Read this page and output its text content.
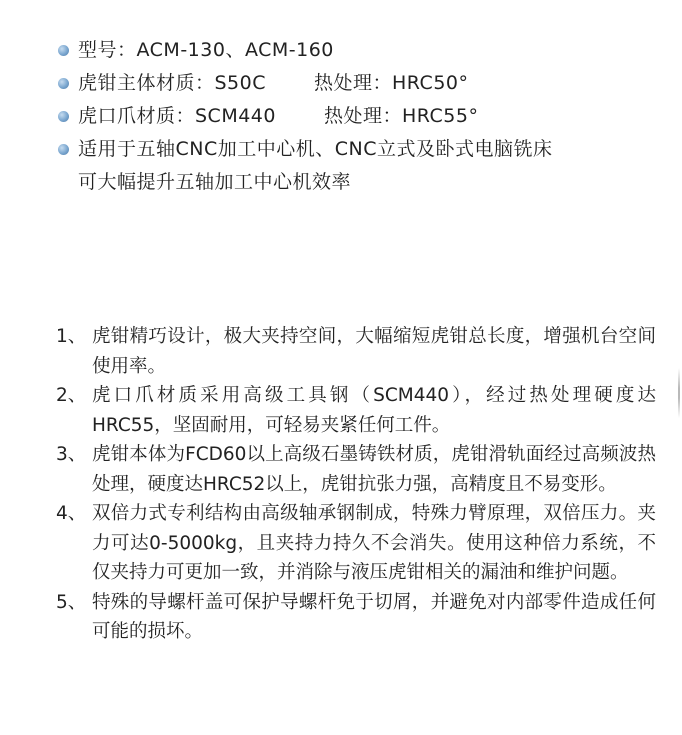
型号：ACM-130、ACM-160
虎钳主体材质：S50C	热处理：HRC50°
虎口爪材质：SCM440	热处理：HRC55°
适用于五轴CNC加工中心机、CNC立式及卧式电脑铣床
可大幅提升五轴加工中心机效率
1、 虎钳精巧设计，极大夹持空间，大幅缩短虎钳总长度，增强机台空间使用率。
2、 虎口爪材质采用高级工具钢（SCM440），经过热处理硬度达HRC55，坚固耐用，可轻易夹紧任何工件。
3、 虎钳本体为FCD60以上高级石墨铸铁材质，虎钳滑轨面经过高频波热处理，硬度达HRC52以上，虎钳抗张力强，高精度且不易变形。
4、 双倍力式专利结构由高级轴承钢制成，特殊力臂原理，双倍压力。夹力可达0-5000kg，且夹持力持久不会消失。使用这种倍力系统，不仅夹持力可更加一致，并消除与液压虎钳相关的漏油和维护问题。
5、 特殊的导螺杆盖可保护导螺杆免于切屑，并避免对内部零件造成任何可能的损坏。
